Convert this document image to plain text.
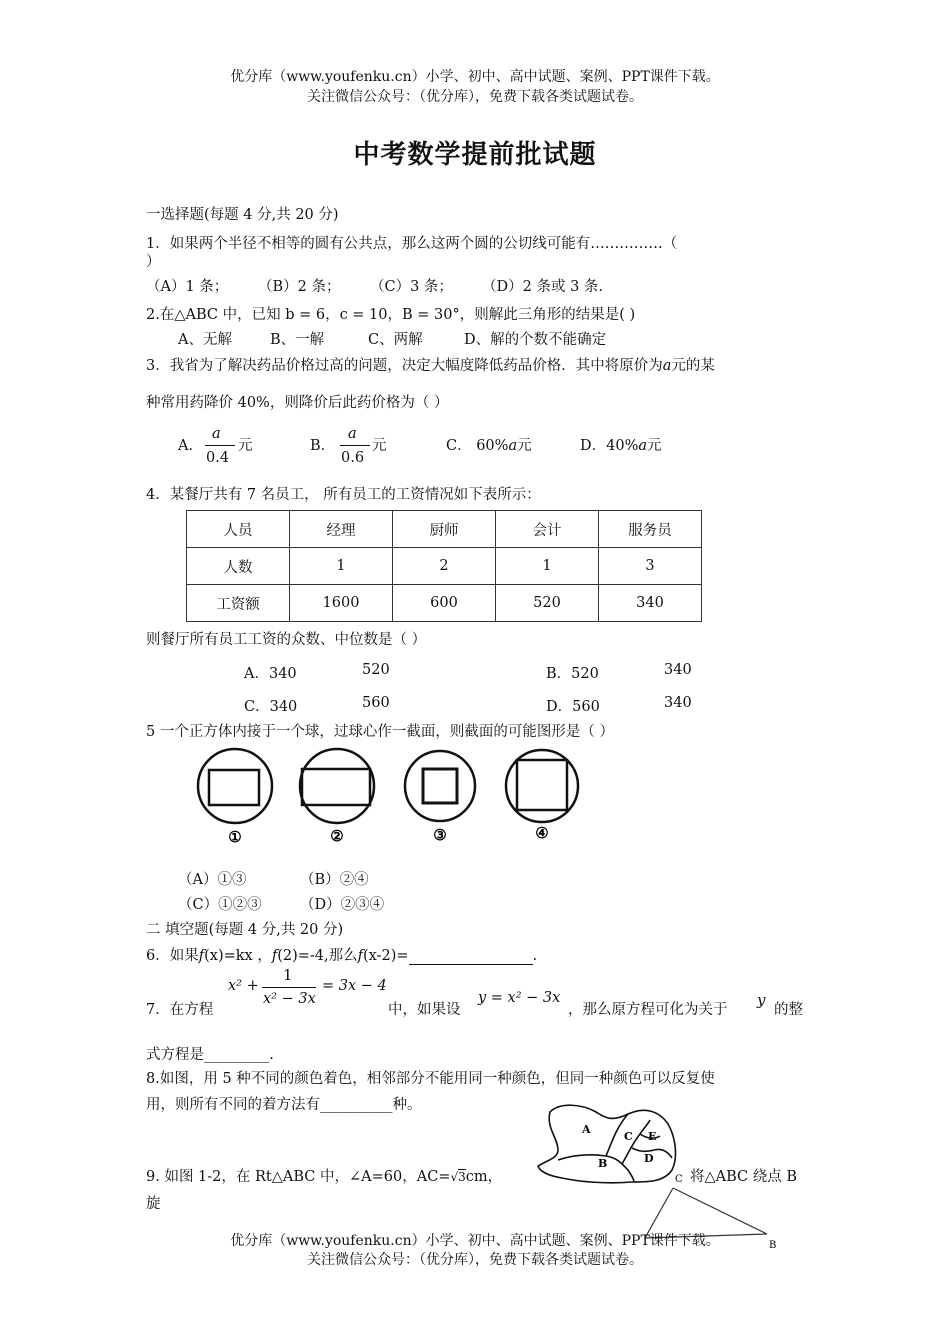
优分库（www.youfenku.cn）小学、初中、高中试题、案例、PPT课件下载。
关注微信公众号：（优分库），免费下载各类试题试卷。
中考数学提前批试题
一选择题(每题 4 分,共 20 分)
1．如果两个半径不相等的圆有公共点，那么这两个圆的公切线可能有……………（
）
（A）1 条； （B）2 条； （C）3 条； （D）2 条或 3 条.
2.在△ABC 中，已知 b = 6，c = 10，B = 30°，则解此三角形的结果是( )
A、无解	B、一解	C、两解	D、解的个数不能确定
3．我省为了解决药品价格过高的问题，决定大幅度降低药品价格．其中将原价为a元的某
种常用药降价 40%，则降价后此药价格为（ ）
A．
a
0.4
元	B．
a
0.6
元	C． 60%a元	D．40%a元
4．某餐厅共有 7 名员工， 所有员工的工资情况如下表所示：
人员	经理	厨师	会计	服务员
人数	1	2	1	3
工资额	1600	600	520	340
则餐厅所有员工工资的众数、中位数是（ ）
A．340	520	B．520	340
C．340	560	D．560	340
5 一个正方体内接于一个球，过球心作一截面，则截面的可能图形是（ ）
①	②	③	④
（A）①③	（B）②④
（C）①②③	（D）②③④
二 填空题(每题 4 分,共 20 分)
6．如果f(x)=kx ，f(2)=-4,那么f(x-2)=	.
7．在方程
x² +
1
x² − 3x
= 3x − 4
中，如果设
y = x² − 3x
，那么原方程可化为关于
y
的整
式方程是_________.
8.如图，用 5 种不同的颜色着色，相邻部分不能用同一种颜色，但同一种颜色可以反复使
用，则所有不同的着方法有__________种。
A
B
C
D
E
9. 如图 1-2，在 Rt△ABC 中，∠A=60，AC=√3cm，	将△ABC 绕点 B
旋
C
B
优分库（www.youfenku.cn）小学、初中、高中试题、案例、PPT课件下载。
关注微信公众号：（优分库），免费下载各类试题试卷。
